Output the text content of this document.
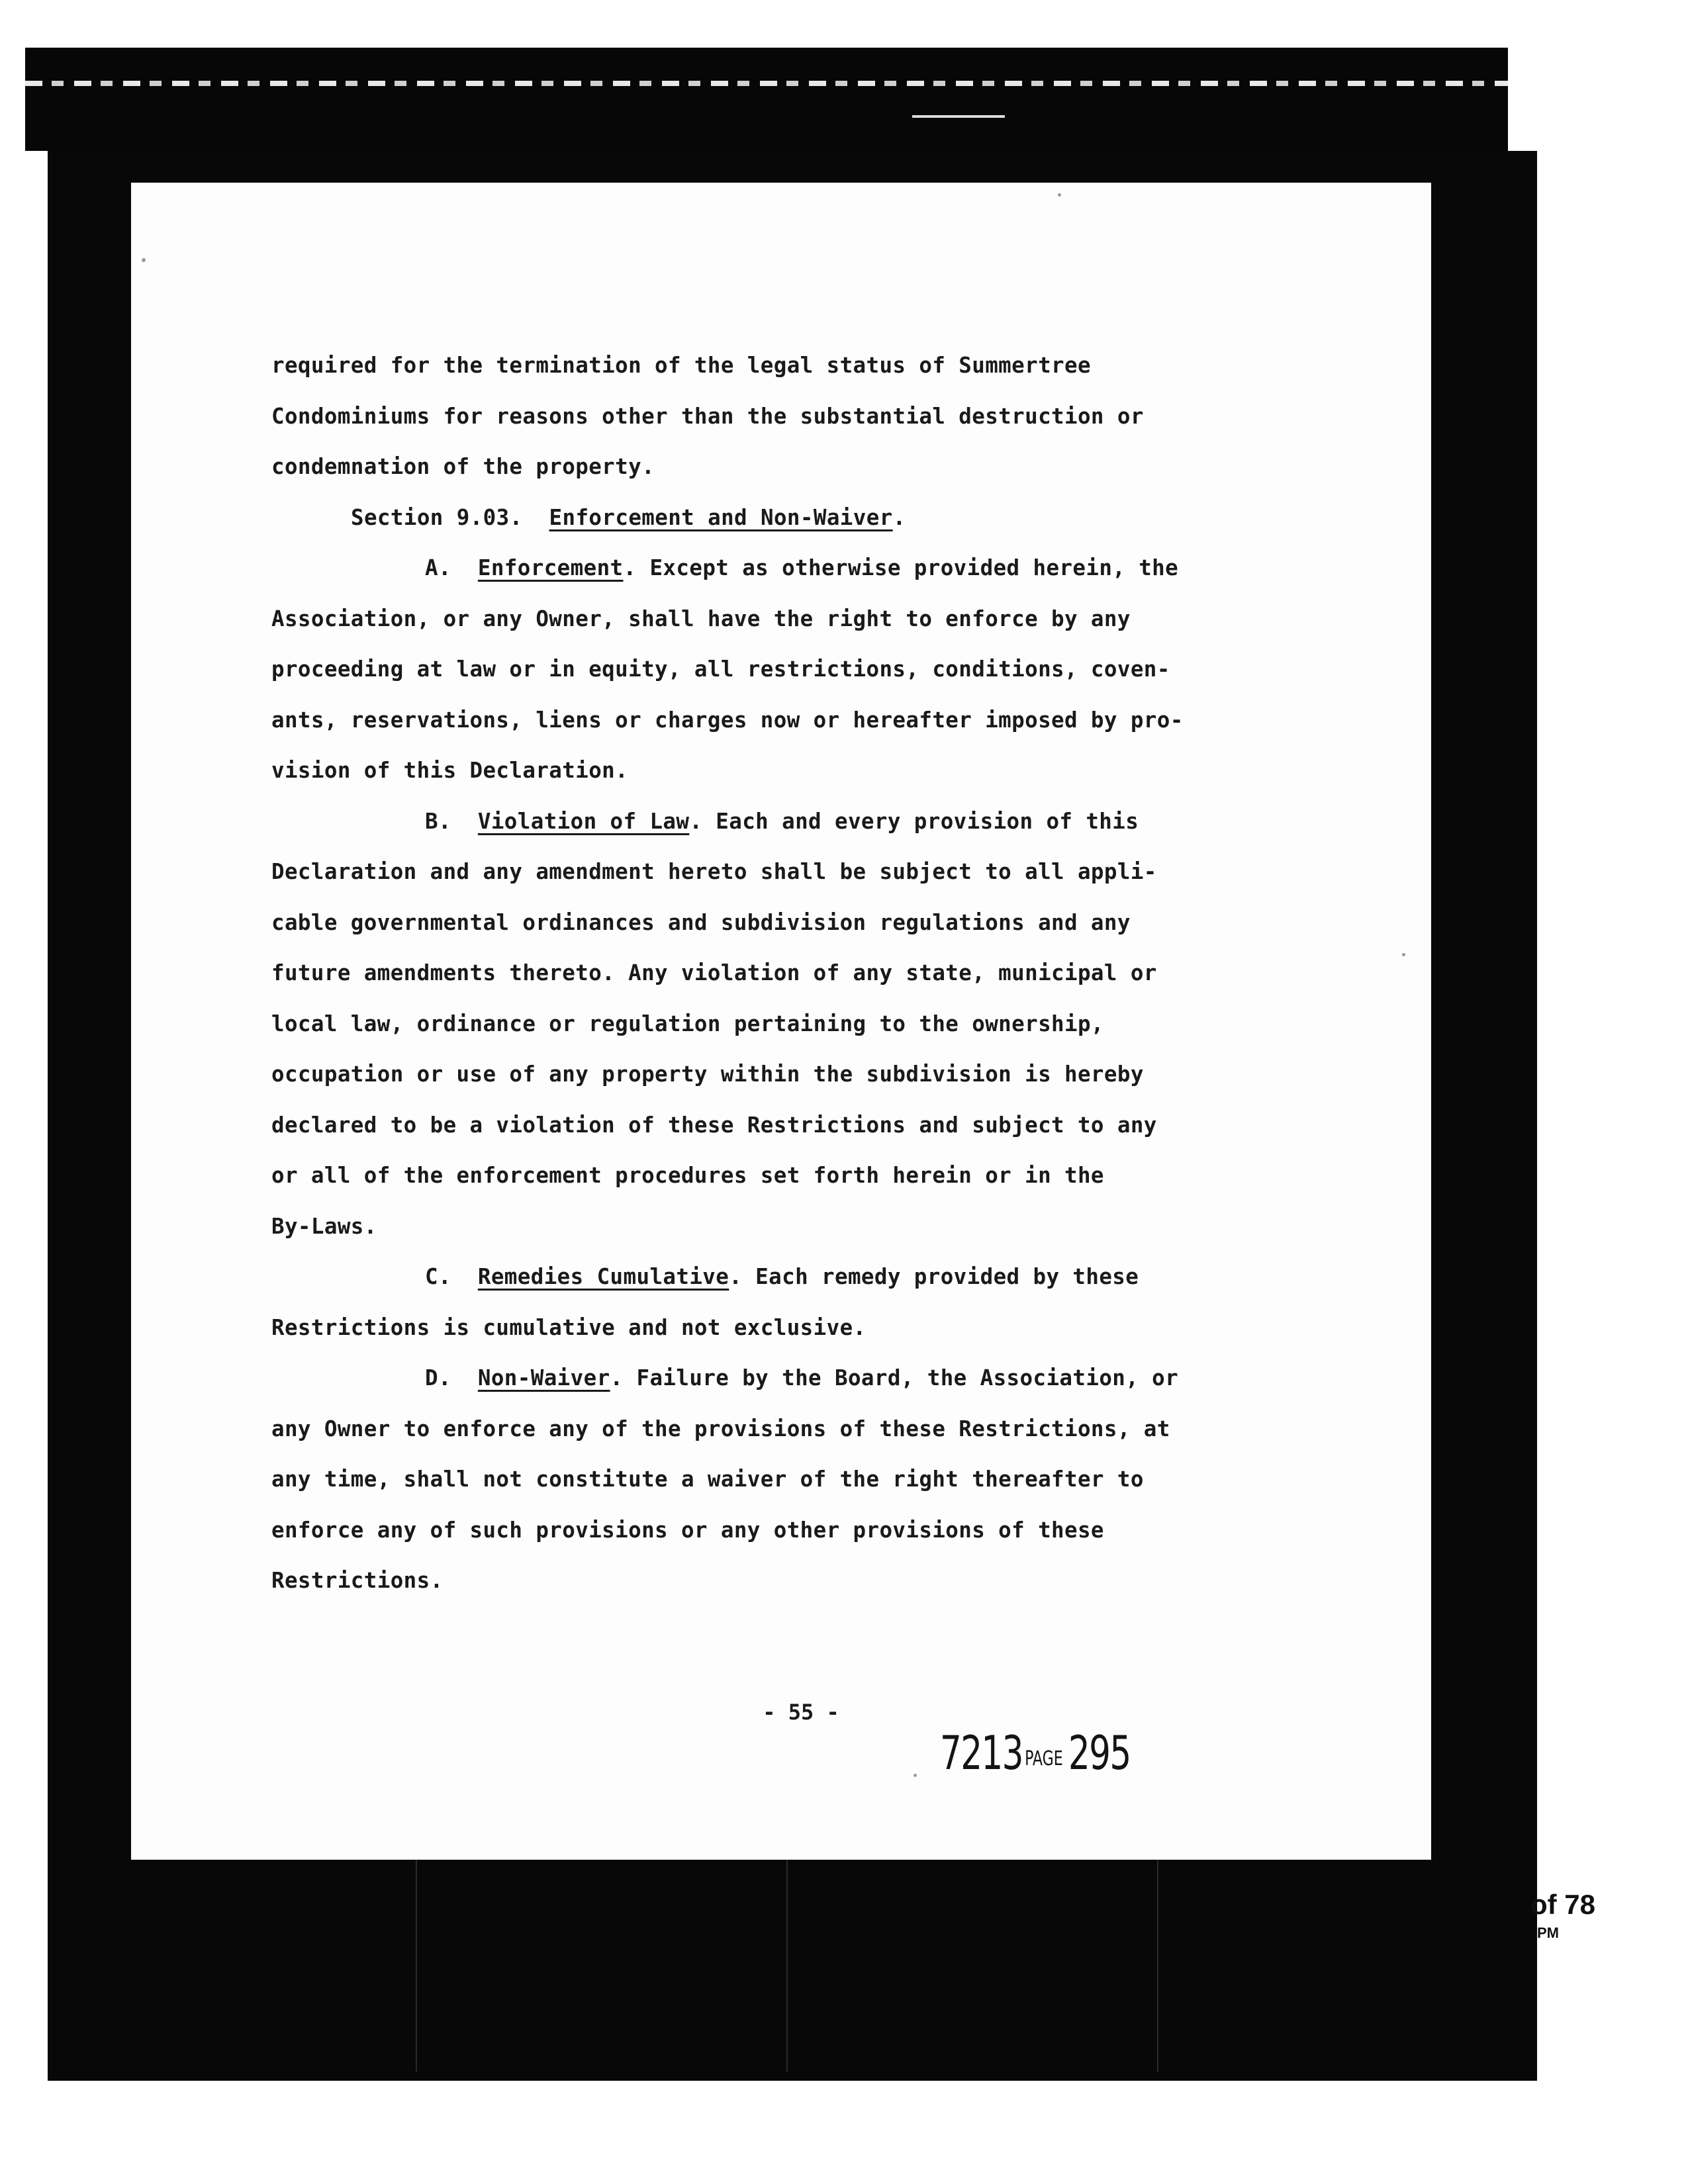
required for the termination of the legal status of Summertree
Condominiums for reasons other than the substantial destruction or
condemnation of the property.
Section 9.03. Enforcement and Non-Waiver.
A. Enforcement. Except as otherwise provided herein, the
Association, or any Owner, shall have the right to enforce by any
proceeding at law or in equity, all restrictions, conditions, coven-
ants, reservations, liens or charges now or hereafter imposed by pro-
vision of this Declaration.
B. Violation of Law. Each and every provision of this
Declaration and any amendment hereto shall be subject to all appli-
cable governmental ordinances and subdivision regulations and any
future amendments thereto. Any violation of any state, municipal or
local law, ordinance or regulation pertaining to the ownership,
occupation or use of any property within the subdivision is hereby
declared to be a violation of these Restrictions and subject to any
or all of the enforcement procedures set forth herein or in the
By-Laws.
C. Remedies Cumulative. Each remedy provided by these
Restrictions is cumulative and not exclusive.
D. Non-Waiver. Failure by the Board, the Association, or
any Owner to enforce any of the provisions of these Restrictions, at
any time, shall not constitute a waiver of the right thereafter to
enforce any of such provisions or any other provisions of these
Restrictions.
- 55 -
7213 PAGE 295
of 78
PM
